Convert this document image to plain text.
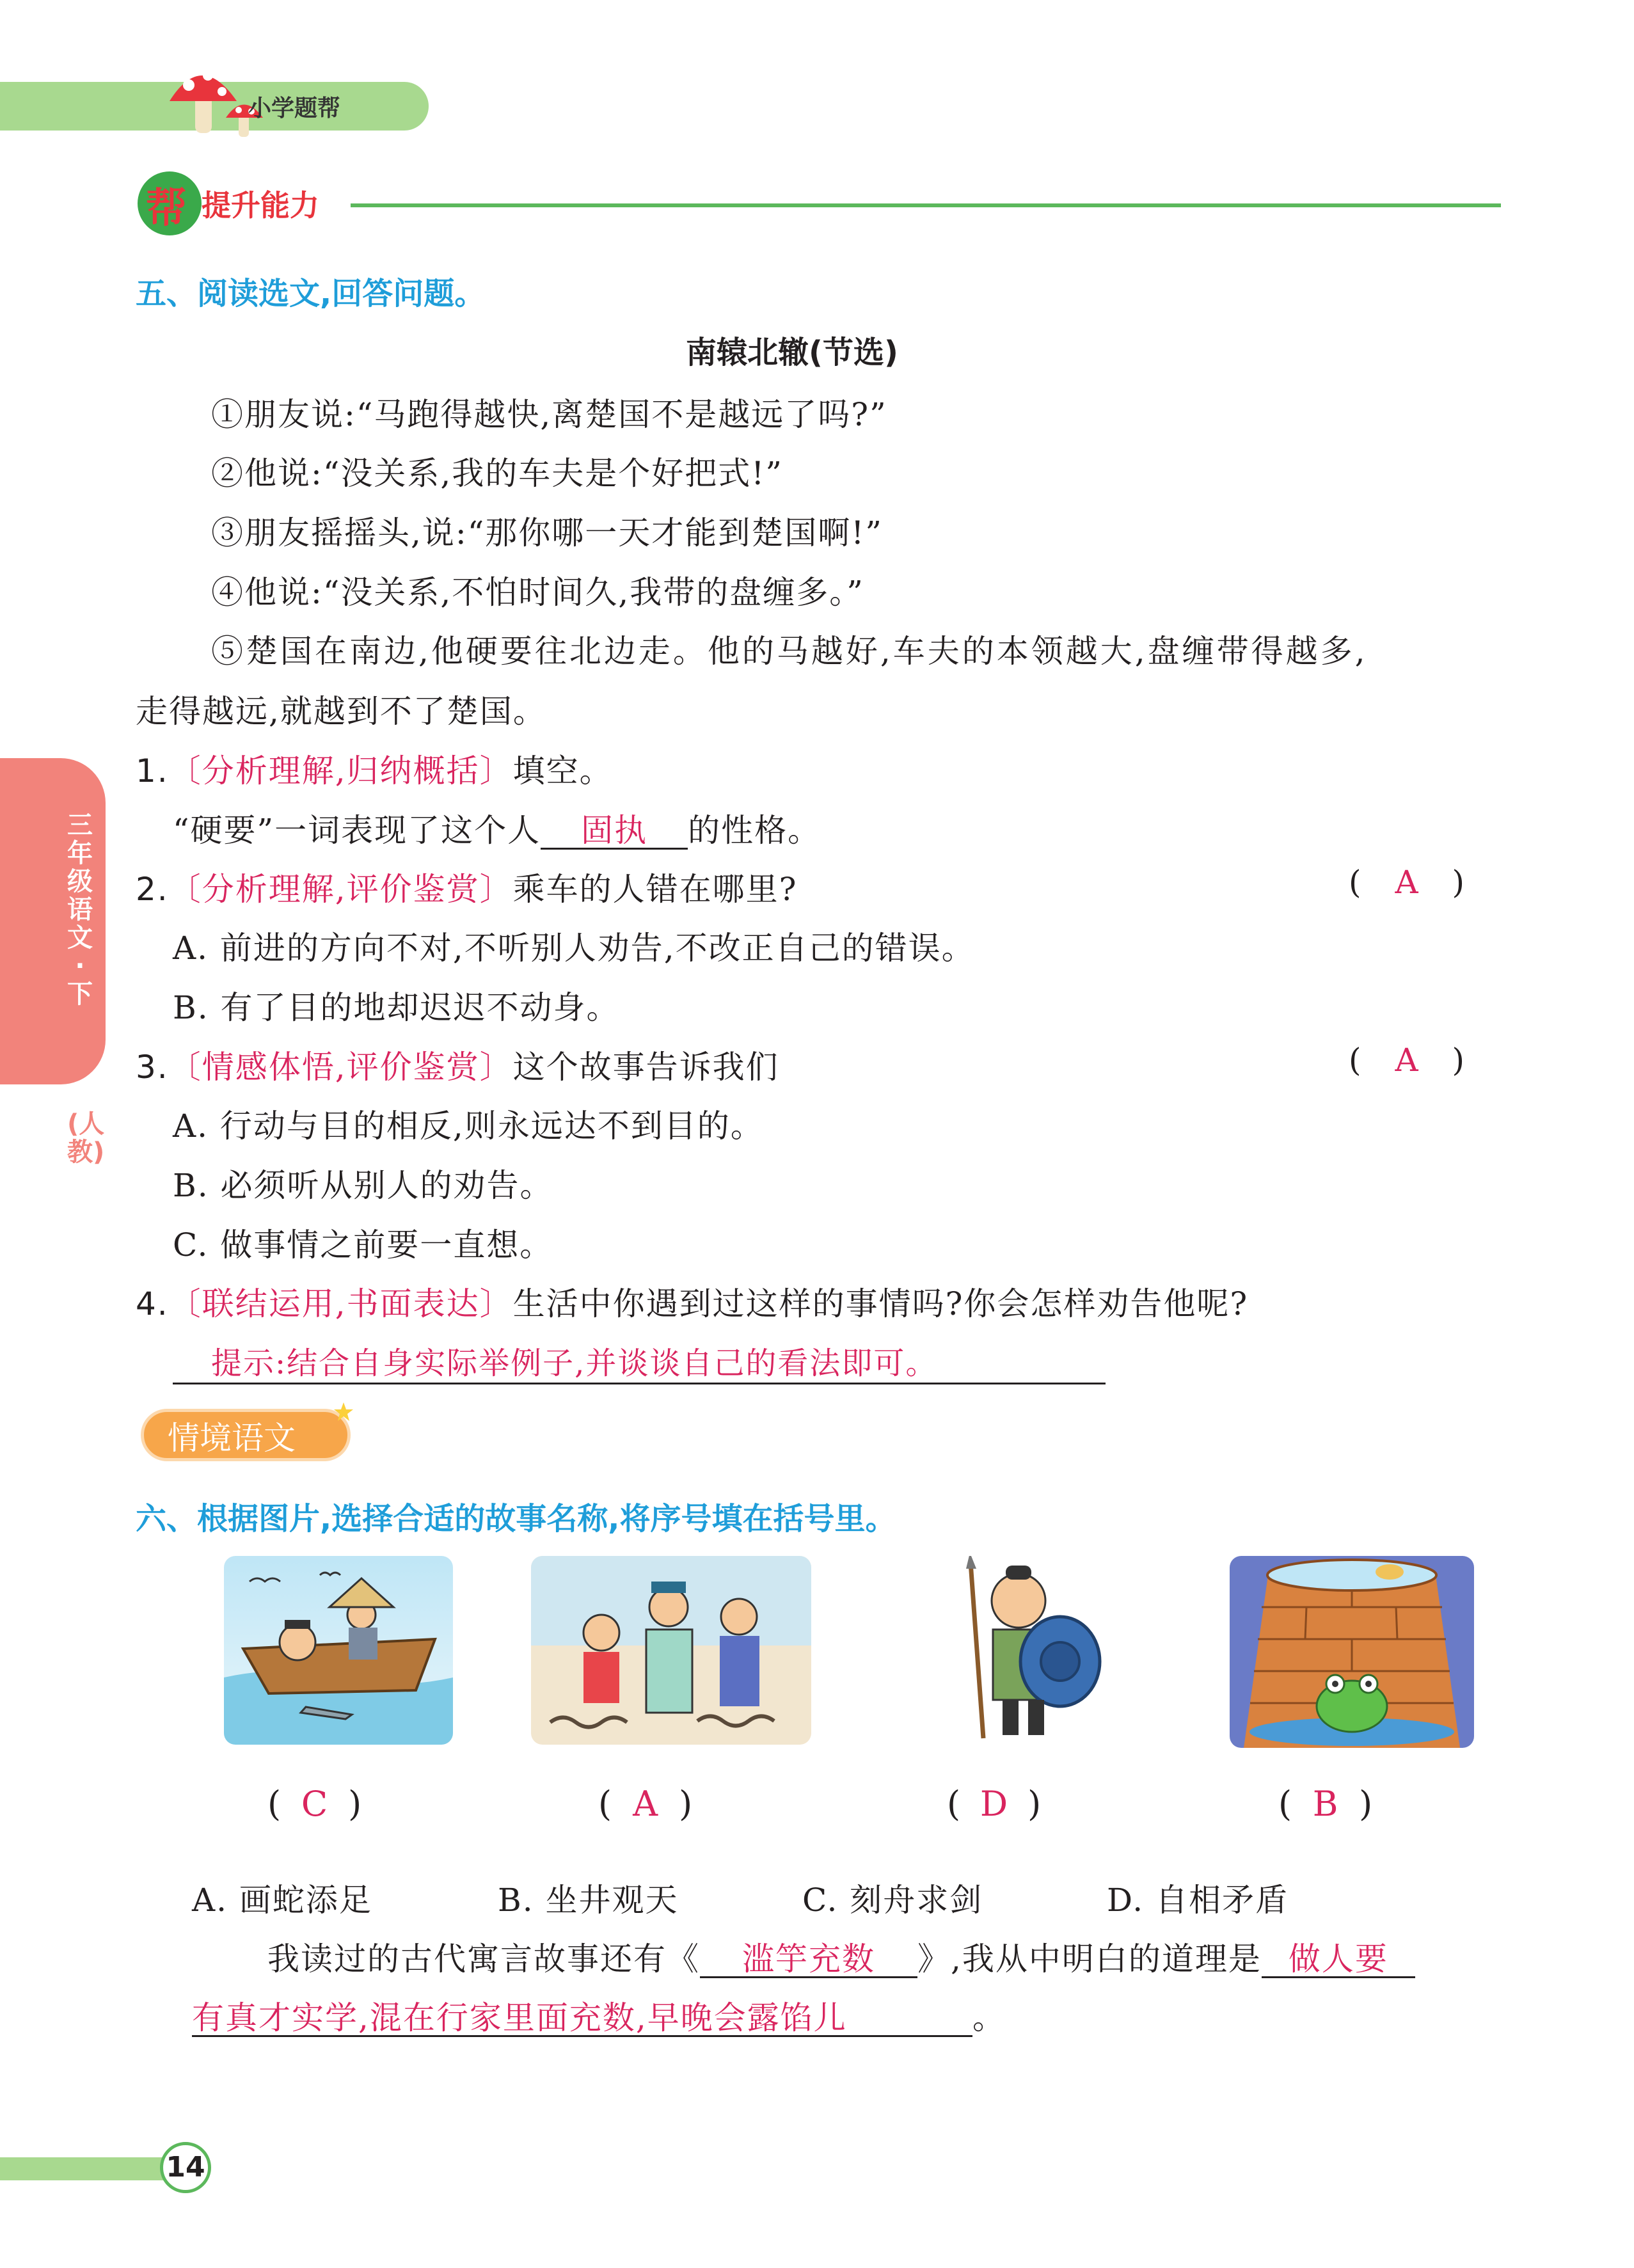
小学题帮
帮 提升能力
三年级语文·下
(人教)
五、阅读选文,回答问题。
南辕北辙(节选)
①朋友说:“马跑得越快,离楚国不是越远了吗?”
②他说:“没关系,我的车夫是个好把式!”
③朋友摇摇头,说:“那你哪一天才能到楚国啊!”
④他说:“没关系,不怕时间久,我带的盘缠多。”
⑤楚国在南边,他硬要往北边走。他的马越好,车夫的本领越大,盘缠带得越多,
走得越远,就越到不了楚国。
1.〔分析理解,归纳概括〕填空。
“硬要”一词表现了这个人 固执 的性格。
2.〔分析理解,评价鉴赏〕乘车的人错在哪里?	( A )
A. 前进的方向不对,不听别人劝告,不改正自己的错误。
B. 有了目的地却迟迟不动身。
3.〔情感体悟,评价鉴赏〕这个故事告诉我们	( A )
A. 行动与目的相反,则永远达不到目的。
B. 必须听从别人的劝告。
C. 做事情之前要一直想。
4.〔联结运用,书面表达〕生活中你遇到过这样的事情吗?你会怎样劝告他呢?
提示:结合自身实际举例子,并谈谈自己的看法即可。
情境语文
六、根据图片,选择合适的故事名称,将序号填在括号里。
( C )	( A )	( D )	( B )
A. 画蛇添足	B. 坐井观天	C. 刻舟求剑	D. 自相矛盾
我读过的古代寓言故事还有《 滥竽充数 》,我从中明白的道理是 做人要
有真才实学,混在行家里面充数,早晚会露馅儿	。
14
